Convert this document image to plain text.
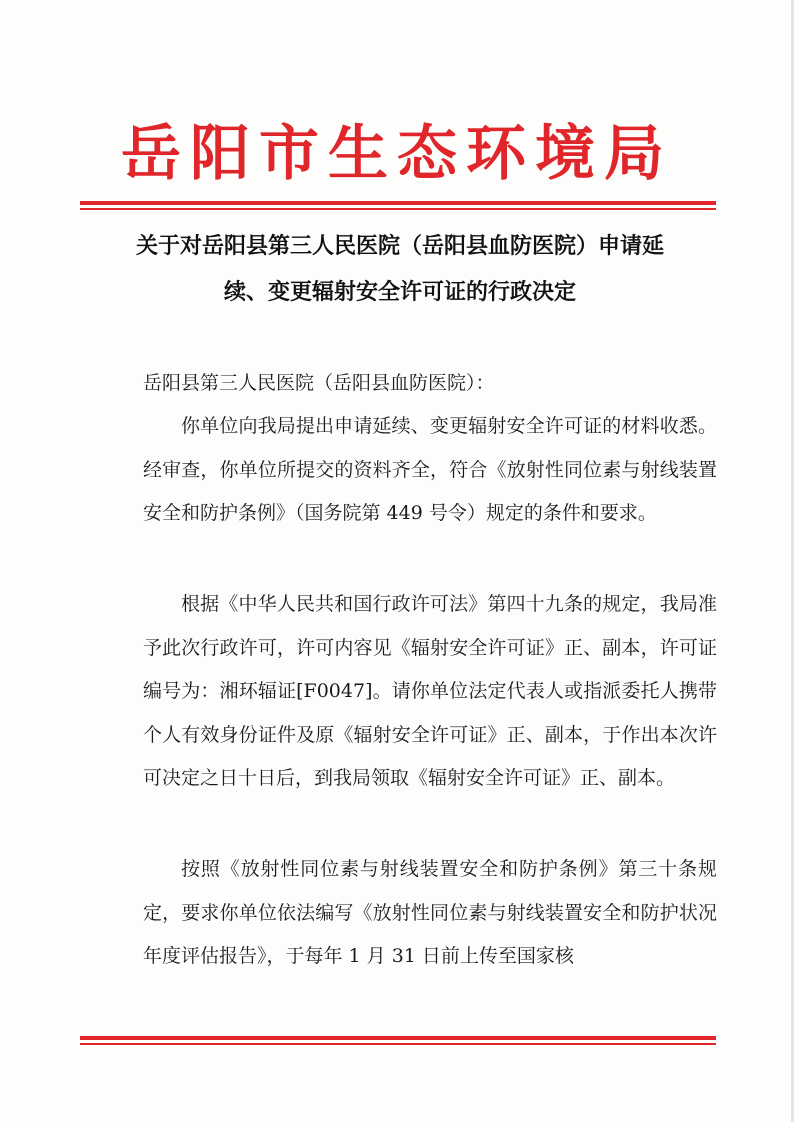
岳阳市生态环境局
关于对岳阳县第三人民医院（岳阳县血防医院）申请延
续、变更辐射安全许可证的行政决定
岳阳县第三人民医院（岳阳县血防医院）：

你单位向我局提出申请延续、变更辐射安全许可证的材料收悉。经审查，你单位所提交的资料齐全，符合《放射性同位素与射线装置安全和防护条例》（国务院第 449 号令）规定的条件和要求。

根据《中华人民共和国行政许可法》第四十九条的规定，我局准予此次行政许可，许可内容见《辐射安全许可证》正、副本，许可证编号为：湘环辐证[F0047]。请你单位法定代表人或指派委托人携带个人有效身份证件及原《辐射安全许可证》正、副本，于作出本次许可决定之日十日后，到我局领取《辐射安全许可证》正、副本。

按照《放射性同位素与射线装置安全和防护条例》第三十条规定，要求你单位依法编写《放射性同位素与射线装置安全和防护状况年度评估报告》，于每年 1 月 31 日前上传至国家核
